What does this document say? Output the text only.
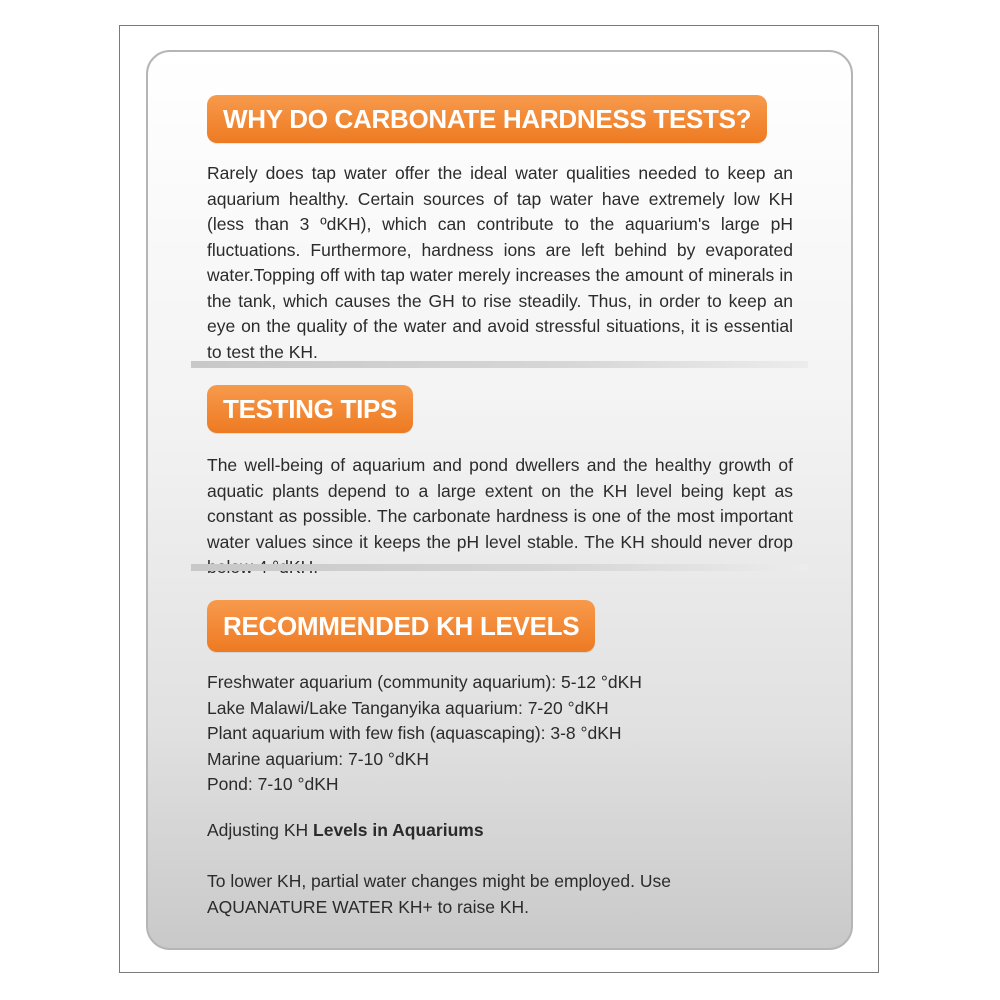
WHY DO CARBONATE HARDNESS TESTS?

Rarely does tap water offer the ideal water qualities needed to keep an aquarium healthy. Certain sources of tap water have extremely low KH (less than 3 ºdKH), which can contribute to the aquarium's large pH fluctuations. Furthermore, hardness ions are left behind by evaporated water.Topping off with tap water merely increases the amount of minerals in the tank, which causes the GH to rise steadily. Thus, in order to keep an eye on the quality of the water and avoid stressful situations, it is essential to test the KH.

TESTING TIPS

The well-being of aquarium and pond dwellers and the healthy growth of aquatic plants depend to a large extent on the KH level being kept as constant as possible. The carbonate hardness is one of the most important water values since it keeps the pH level stable. The KH should never drop

RECOMMENDED KH LEVELS
Freshwater aquarium (community aquarium): 5-12 °dKH
Lake Malawi/Lake Tanganyika aquarium: 7-20 °dKH
Plant aquarium with few fish (aquascaping): 3-8 °dKH
Marine aquarium: 7-10 °dKH
Pond: 7-10 °dKH

Adjusting KH Levels in Aquariums

To lower KH, partial water changes might be employed. Use AQUANATURE WATER KH+ to raise KH.
